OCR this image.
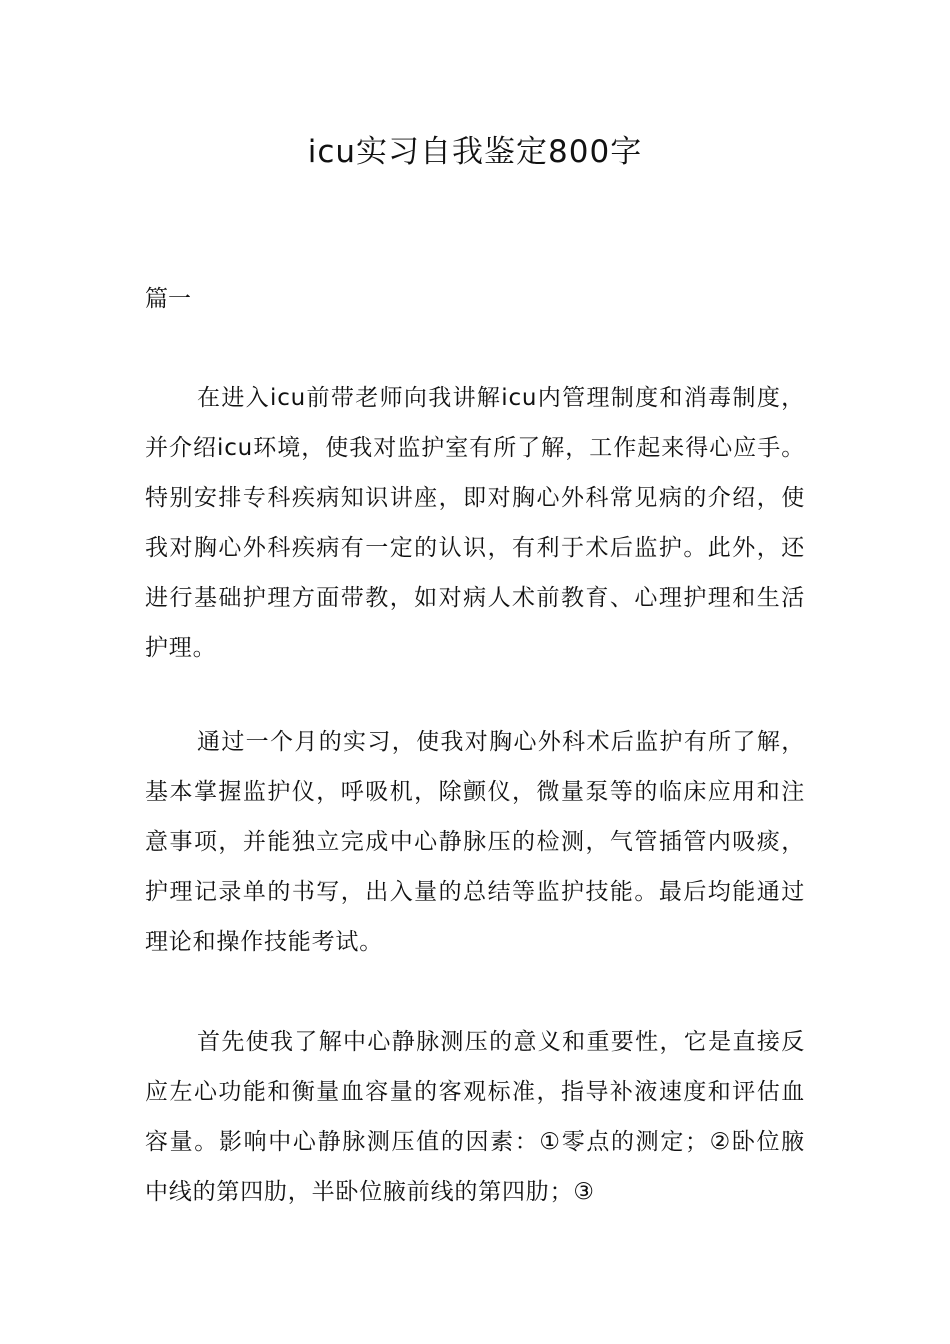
icu实习自我鉴定800字

篇一

在进入icu前带老师向我讲解icu内管理制度和消毒制度，并介绍icu环境，使我对监护室有所了解，工作起来得心应手。特别安排专科疾病知识讲座，即对胸心外科常见病的介绍，使我对胸心外科疾病有一定的认识，有利于术后监护。此外，还进行基础护理方面带教，如对病人术前教育、心理护理和生活护理。

通过一个月的实习，使我对胸心外科术后监护有所了解，基本掌握监护仪，呼吸机，除颤仪，微量泵等的临床应用和注意事项，并能独立完成中心静脉压的检测，气管插管内吸痰，护理记录单的书写，出入量的总结等监护技能。最后均能通过理论和操作技能考试。

首先使我了解中心静脉测压的意义和重要性，它是直接反应左心功能和衡量血容量的客观标准，指导补液速度和评估血容量。影响中心静脉测压值的因素：①零点的测定；②卧位腋中线的第四肋，半卧位腋前线的第四肋；③
